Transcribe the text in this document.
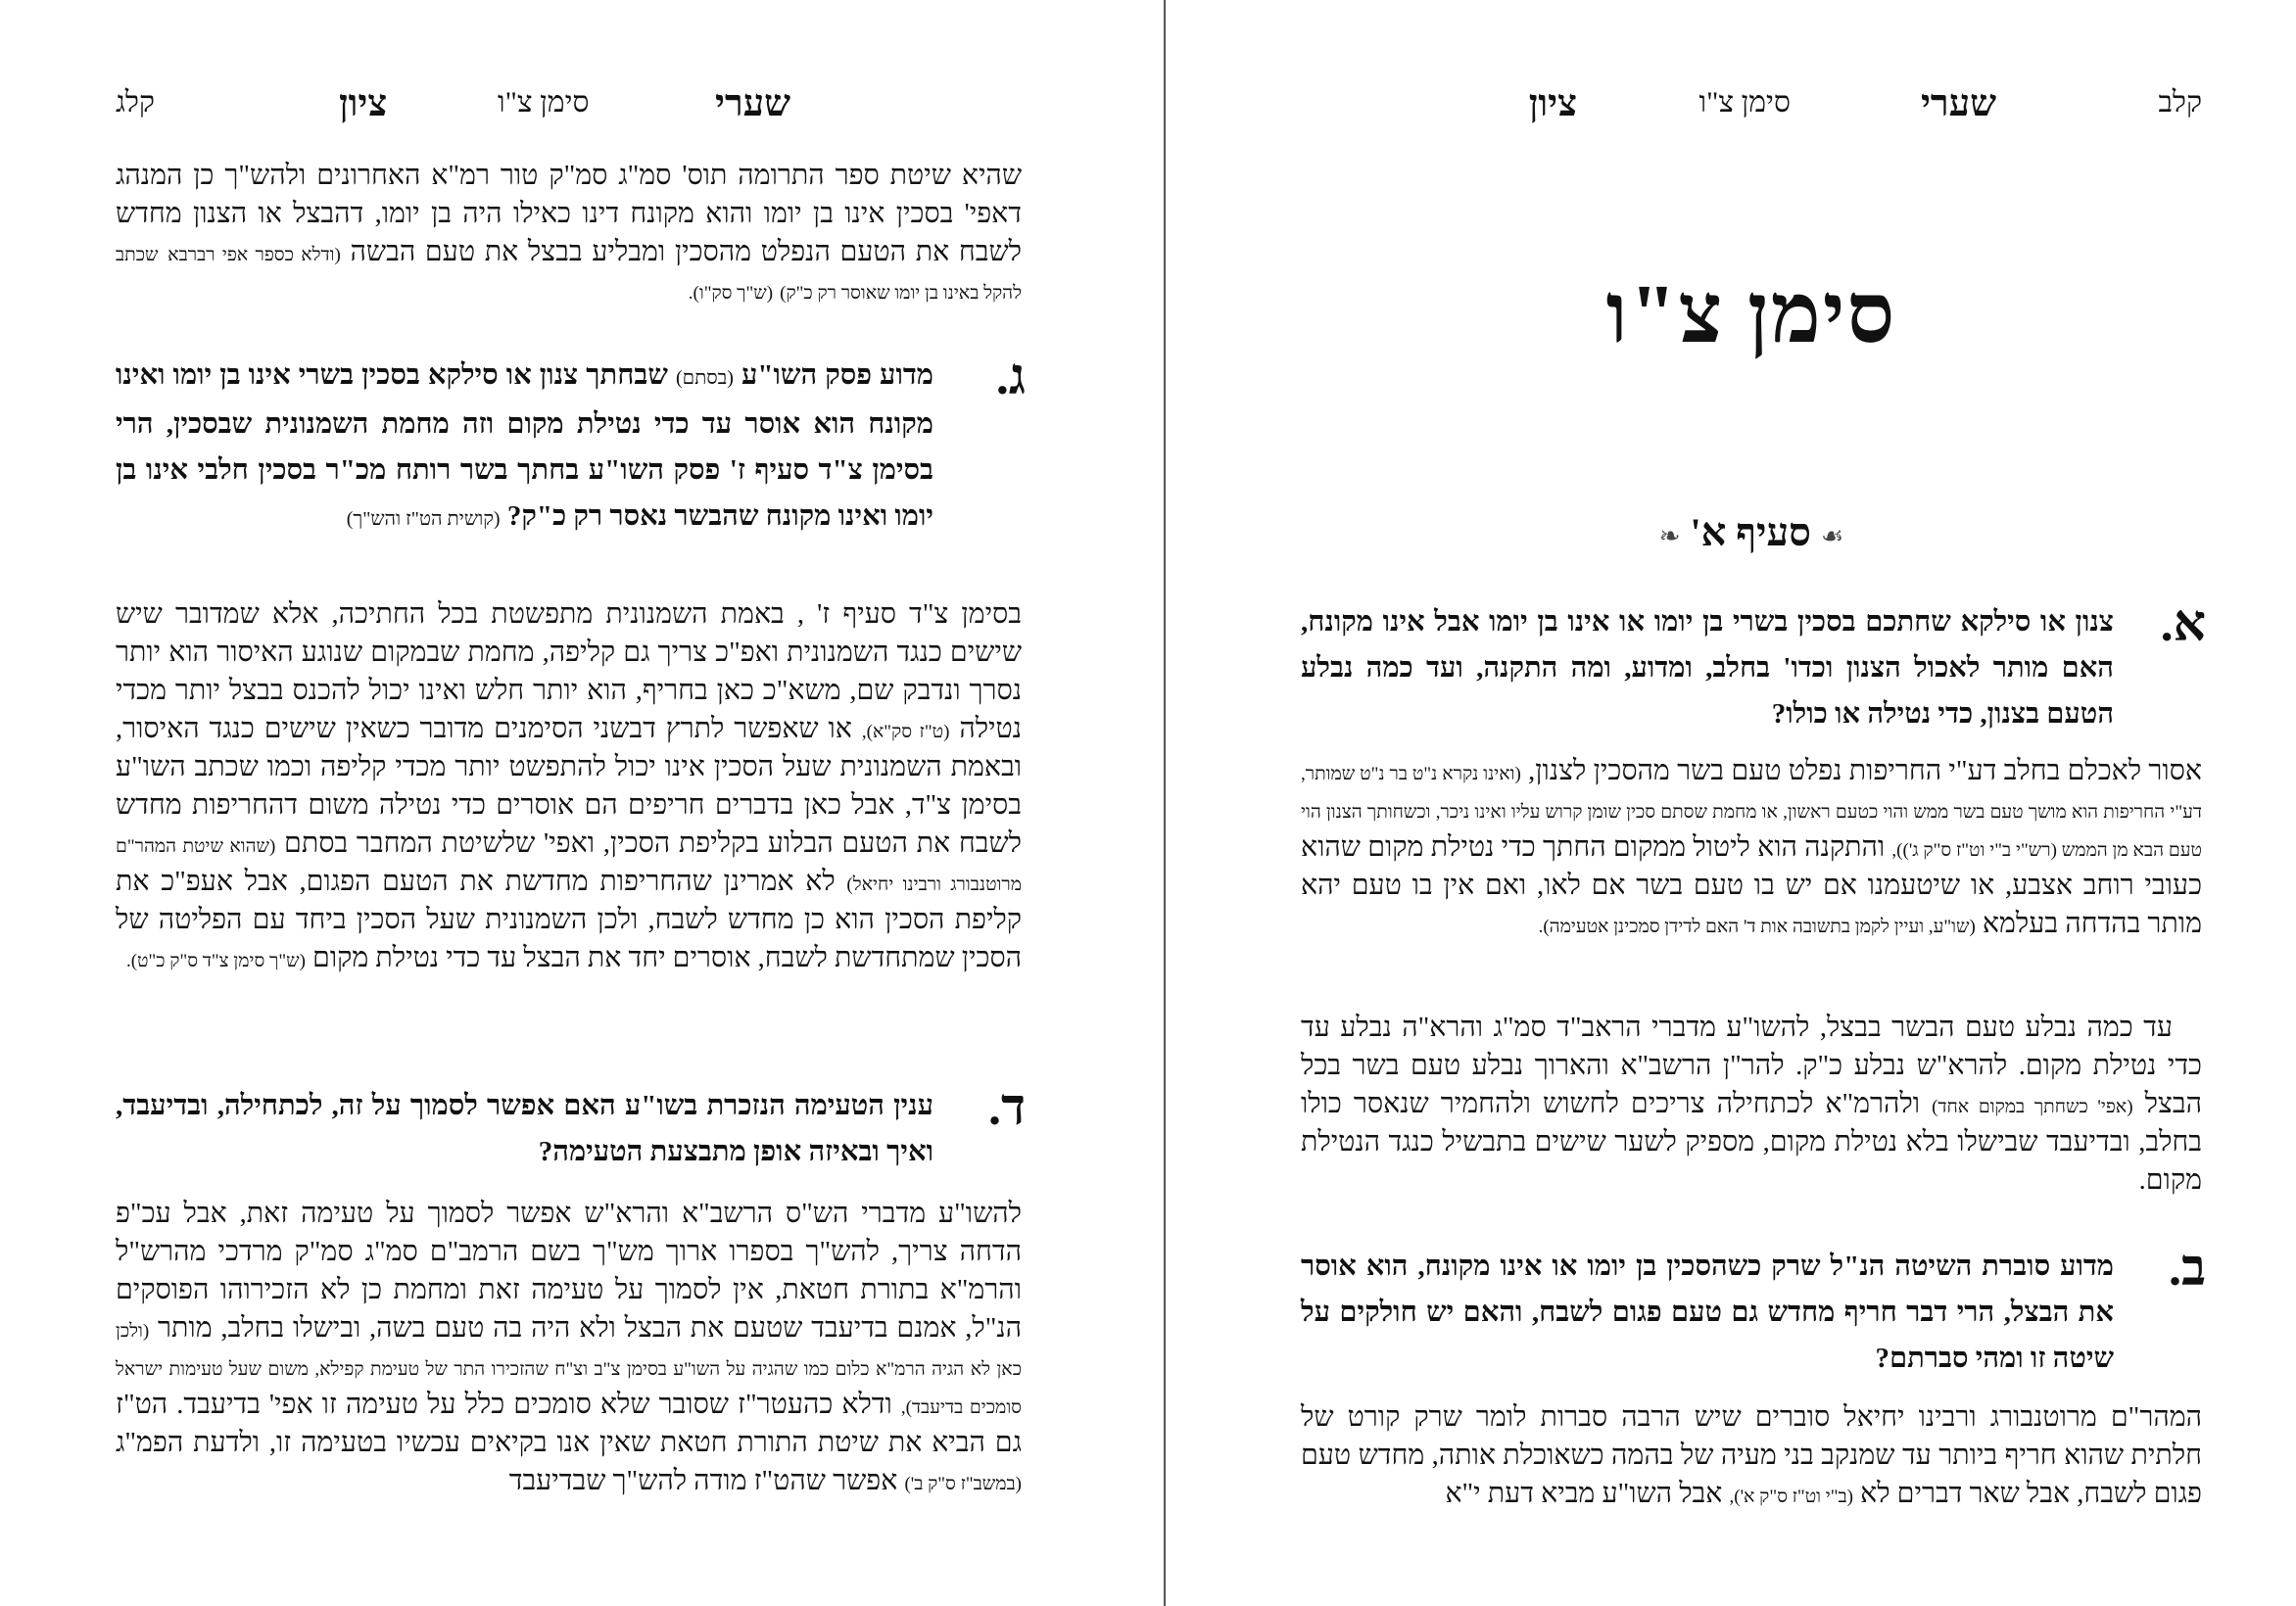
קלג	ציון	סימן צ"ו	שערי

שהיא שיטת ספר התרומה תוס' סמ"ג סמ"ק טור רמ"א האחרונים ולהש"ך כן המנהג דאפי' בסכין אינו בן יומו והוא מקונח דינו כאילו היה בן יומו, דהבצל או הצנון מחדש לשבח את הטעם הנפלט מהסכין ומבליע בבצל את טעם הבשה (ודלא כספר אפי רברבא שכתב להקל באינו בן יומו שאוסר רק כ"ק) (ש"ך סק"ו).

ג.

מדוע פסק השו"ע (בסתם) שבחתך צנון או סילקא בסכין בשרי אינו בן יומו ואינו מקונח הוא אוסר עד כדי נטילת מקום וזה מחמת השמנונית שבסכין, הרי בסימן צ"ד סעיף ז' פסק השו"ע בחתך בשר רותח מכ"ר בסכין חלבי אינו בן יומו ואינו מקונח שהבשר נאסר רק כ"ק? (קושית הט"ז והש"ך)

בסימן צ"ד סעיף ז' , באמת השמנונית מתפשטת בכל החתיכה, אלא שמדובר שיש שישים כנגד השמנונית ואפ"כ צריך גם קליפה, מחמת שבמקום שנוגע האיסור הוא יותר נסרך ונדבק שם, משא"כ כאן בחריף, הוא יותר חלש ואינו יכול להכנס בבצל יותר מכדי נטילה (ט"ז סק"א), או שאפשר לתרץ דבשני הסימנים מדובר כשאין שישים כנגד האיסור, ובאמת השמנונית שעל הסכין אינו יכול להתפשט יותר מכדי קליפה וכמו שכתב השו"ע בסימן צ"ד, אבל כאן בדברים חריפים הם אוסרים כדי נטילה משום דהחריפות מחדש לשבח את הטעם הבלוע בקליפת הסכין, ואפי' שלשיטת המחבר בסתם (שהוא שיטת המהר"ם מרוטנבורג ורבינו יחיאל) לא אמרינן שהחריפות מחדשת את הטעם הפגום, אבל אעפ"כ את קליפת הסכין הוא כן מחדש לשבח, ולכן השמנונית שעל הסכין ביחד עם הפליטה של הסכין שמתחדשת לשבח, אוסרים יחד את הבצל עד כדי נטילת מקום (ש"ך סימן צ"ד ס"ק כ"ט).

ד.

ענין הטעימה הנזכרת בשו"ע האם אפשר לסמוך על זה, לכתחילה, ובדיעבד, ואיך ובאיזה אופן מתבצעת הטעימה?

להשו"ע מדברי הש"ס הרשב"א והרא"ש אפשר לסמוך על טעימה זאת, אבל עכ"פ הדחה צריך, להש"ך בספרו ארוך מש"ך בשם הרמב"ם סמ"ג סמ"ק מרדכי מהרש"ל והרמ"א בתורת חטאת, אין לסמוך על טעימה זאת ומחמת כן לא הזכירוהו הפוסקים הנ"ל, אמנם בדיעבד שטעם את הבצל ולא היה בה טעם בשה, ובישלו בחלב, מותר (ולכן כאן לא הגיה הרמ"א כלום כמו שהגיה על השו"ע בסימן צ"ב וצ"ח שהזכירו התר של טעימת קפילא, משום שעל טעימות ישראל סומכים בדיעבד), ודלא כהעטר"ז שסובר שלא סומכים כלל על טעימה זו אפי' בדיעבד. הט"ז גם הביא את שיטת התורת חטאת שאין אנו בקיאים עכשיו בטעימה זו, ולדעת הפמ"ג (במשב"ז ס"ק ב') אפשר שהט"ז מודה להש"ך שבדיעבד

קלב
שערי
סימן צ"ו
ציון
סימן צ"ו
☙ סעיף א' ❧
א.

צנון או סילקא שחתכם בסכין בשרי בן יומו או אינו בן יומו אבל אינו מקונח, האם מותר לאכול הצנון וכדו' בחלב, ומדוע, ומה התקנה, ועד כמה נבלע הטעם בצנון, כדי נטילה או כולו?

אסור לאכלם בחלב דע"י החריפות נפלט טעם בשר מהסכין לצנון, (ואינו נקרא נ"ט בר נ"ט שמותר, דע"י החריפות הוא מושך טעם בשר ממש והוי כטעם ראשון, או מחמת שסתם סכין שומן קרוש עליו ואינו ניכר, וכשחותך הצנון הוי טעם הבא מן הממש (רש"י ב"י וט"ז ס"ק ג')), והתקנה הוא ליטול ממקום החתך כדי נטילת מקום שהוא כעובי רוחב אצבע, או שיטעמנו אם יש בו טעם בשר אם לאו, ואם אין בו טעם יהא מותר בהדחה בעלמא (שו"ע, ועיין לקמן בתשובה אות ד' האם לדידן סמכינן אטעימה).

עד כמה נבלע טעם הבשר בבצל, להשו"ע מדברי הראב"ד סמ"ג והרא"ה נבלע עד כדי נטילת מקום. להרא"ש נבלע כ"ק. להר"ן הרשב"א והארוך נבלע טעם בשר בכל הבצל (אפי' כשחתך במקום אחד) ולהרמ"א לכתחילה צריכים לחשוש ולהחמיר שנאסר כולו בחלב, ובדיעבד שבישלו בלא נטילת מקום, מספיק לשער שישים בתבשיל כנגד הנטילת מקום.

ב.

מדוע סוברת השיטה הנ"ל שרק כשהסכין בן יומו או אינו מקונח, הוא אוסר את הבצל, הרי דבר חריף מחדש גם טעם פגום לשבח, והאם יש חולקים על שיטה זו ומהי סברתם?

המהר"ם מרוטנבורג ורבינו יחיאל סוברים שיש הרבה סברות לומר שרק קורט של חלתית שהוא חריף ביותר עד שמנקב בני מעיה של בהמה כשאוכלת אותה, מחדש טעם פגום לשבח, אבל שאר דברים לא (ב"י וט"ז ס"ק א'), אבל השו"ע מביא דעת י"א
